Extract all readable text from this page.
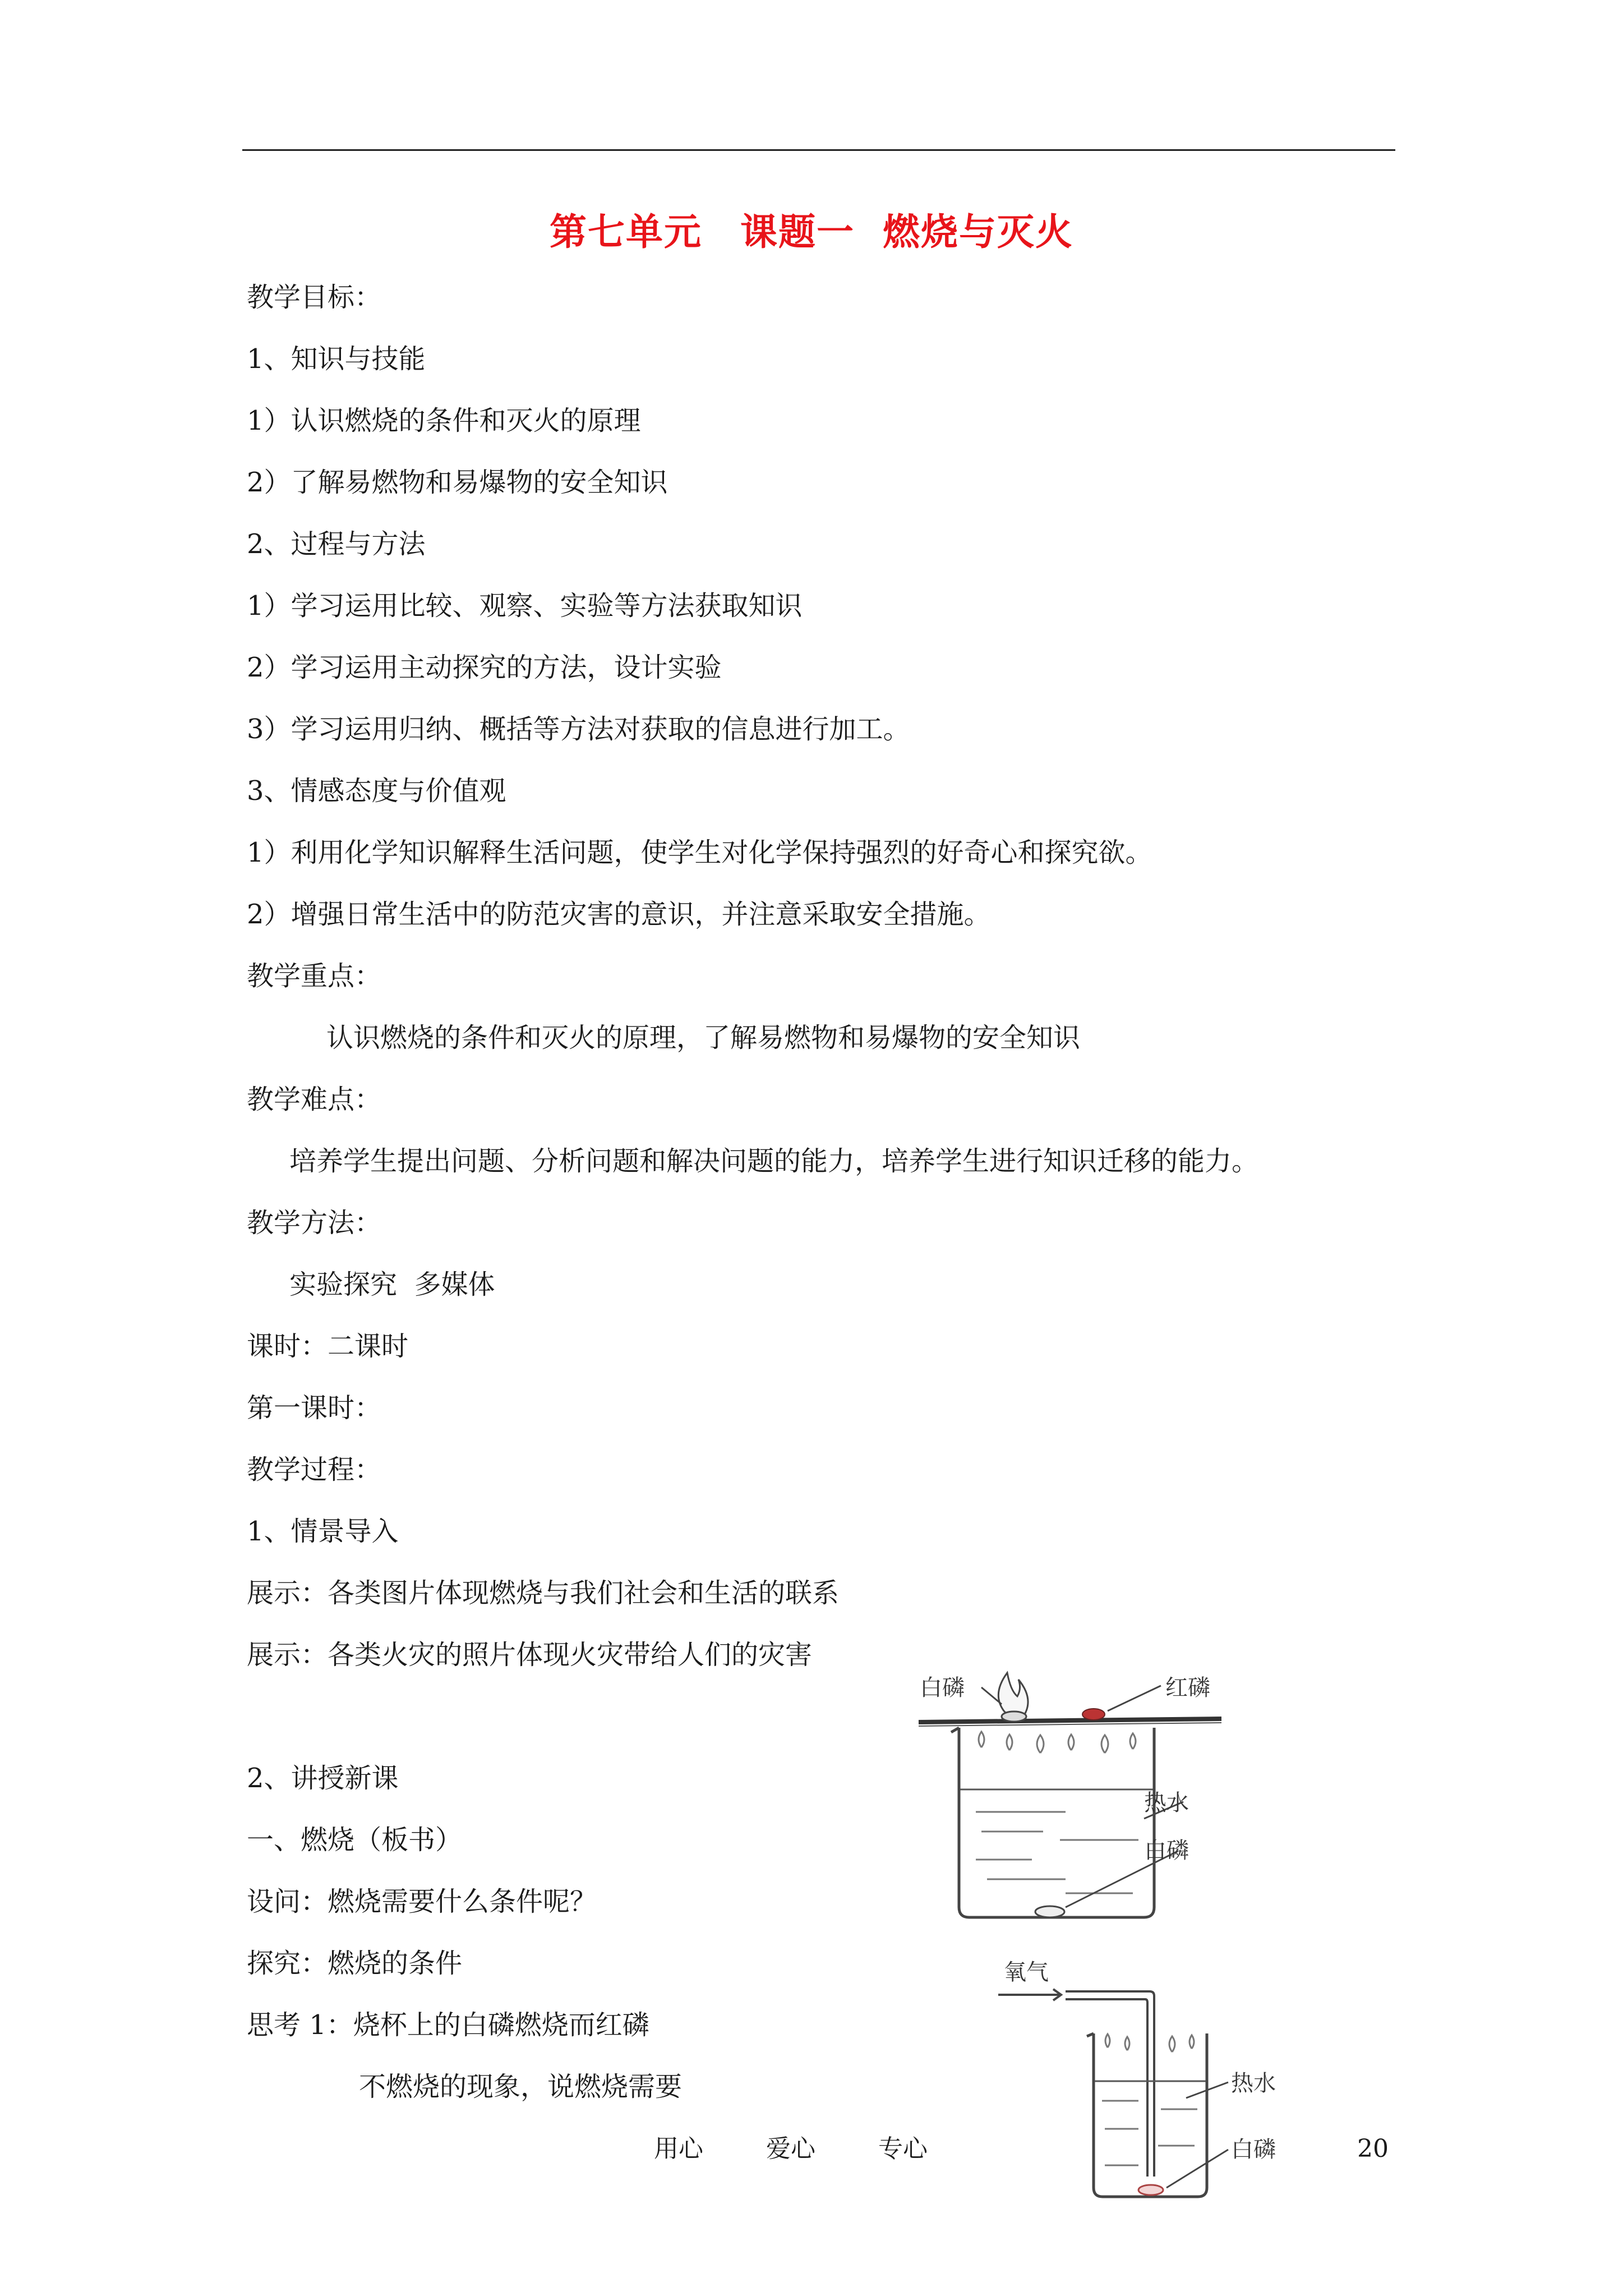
第七单元　课题一  燃烧与灭火
教学目标：
1、知识与技能
1）认识燃烧的条件和灭火的原理
2）了解易燃物和易爆物的安全知识
2、过程与方法
1）学习运用比较、观察、实验等方法获取知识
2）学习运用主动探究的方法，设计实验
3）学习运用归纳、概括等方法对获取的信息进行加工。
3、情感态度与价值观
1）利用化学知识解释生活问题，使学生对化学保持强烈的好奇心和探究欲。
2）增强日常生活中的防范灾害的意识，并注意采取安全措施。
教学重点：
认识燃烧的条件和灭火的原理，了解易燃物和易爆物的安全知识
教学难点：
培养学生提出问题、分析问题和解决问题的能力，培养学生进行知识迁移的能力。
教学方法：
实验探究  多媒体
课时：二课时
第一课时：
教学过程：
1、情景导入
展示：各类图片体现燃烧与我们社会和生活的联系
展示：各类火灾的照片体现火灾带给人们的灾害
2、讲授新课
一、燃烧（板书）
设问：燃烧需要什么条件呢？
探究：燃烧的条件
思考 1：烧杯上的白磷燃烧而红磷
不燃烧的现象，说燃烧需要
白磷	红磷
热水
白磷
氧气
热水
白磷
用心	爱心	专心	20
